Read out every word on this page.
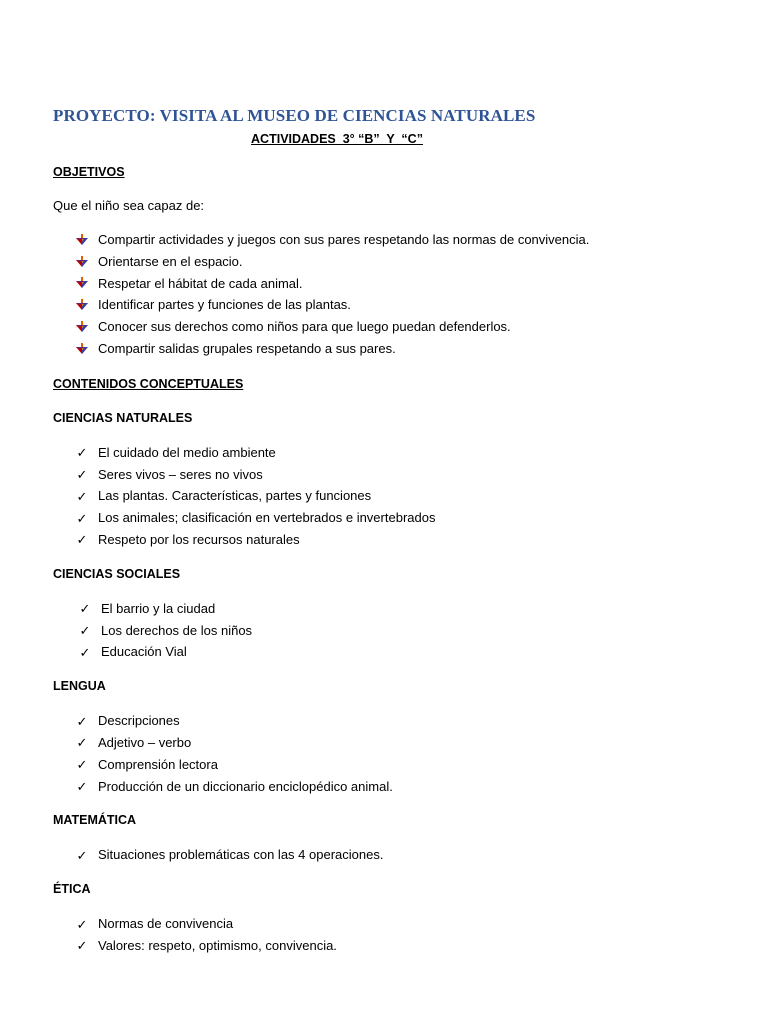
PROYECTO: VISITA AL MUSEO DE CIENCIAS NATURALES

ACTIVIDADES  3° “B”  Y  “C”

OBJETIVOS

Que el niño sea capaz de:

Compartir actividades y juegos con sus pares respetando las normas de convivencia.
Orientarse en el espacio.
Respetar el hábitat de cada animal.
Identificar partes y funciones de las plantas.
Conocer sus derechos como niños para que luego puedan defenderlos.
Compartir salidas grupales respetando a sus pares.

CONTENIDOS CONCEPTUALES

CIENCIAS NATURALES

✓ El cuidado del medio ambiente
✓ Seres vivos – seres no vivos
✓ Las plantas. Características, partes y funciones
✓ Los animales; clasificación en vertebrados e invertebrados
✓ Respeto por los recursos naturales

CIENCIAS SOCIALES

✓ El barrio y la ciudad
✓ Los derechos de los niños
✓ Educación Vial

LENGUA

✓ Descripciones
✓ Adjetivo – verbo
✓ Comprensión lectora
✓ Producción de un diccionario enciclopédico animal.

MATEMÁTICA

✓ Situaciones problemáticas con las 4 operaciones.

ÉTICA

✓ Normas de convivencia
✓ Valores: respeto, optimismo, convivencia.
